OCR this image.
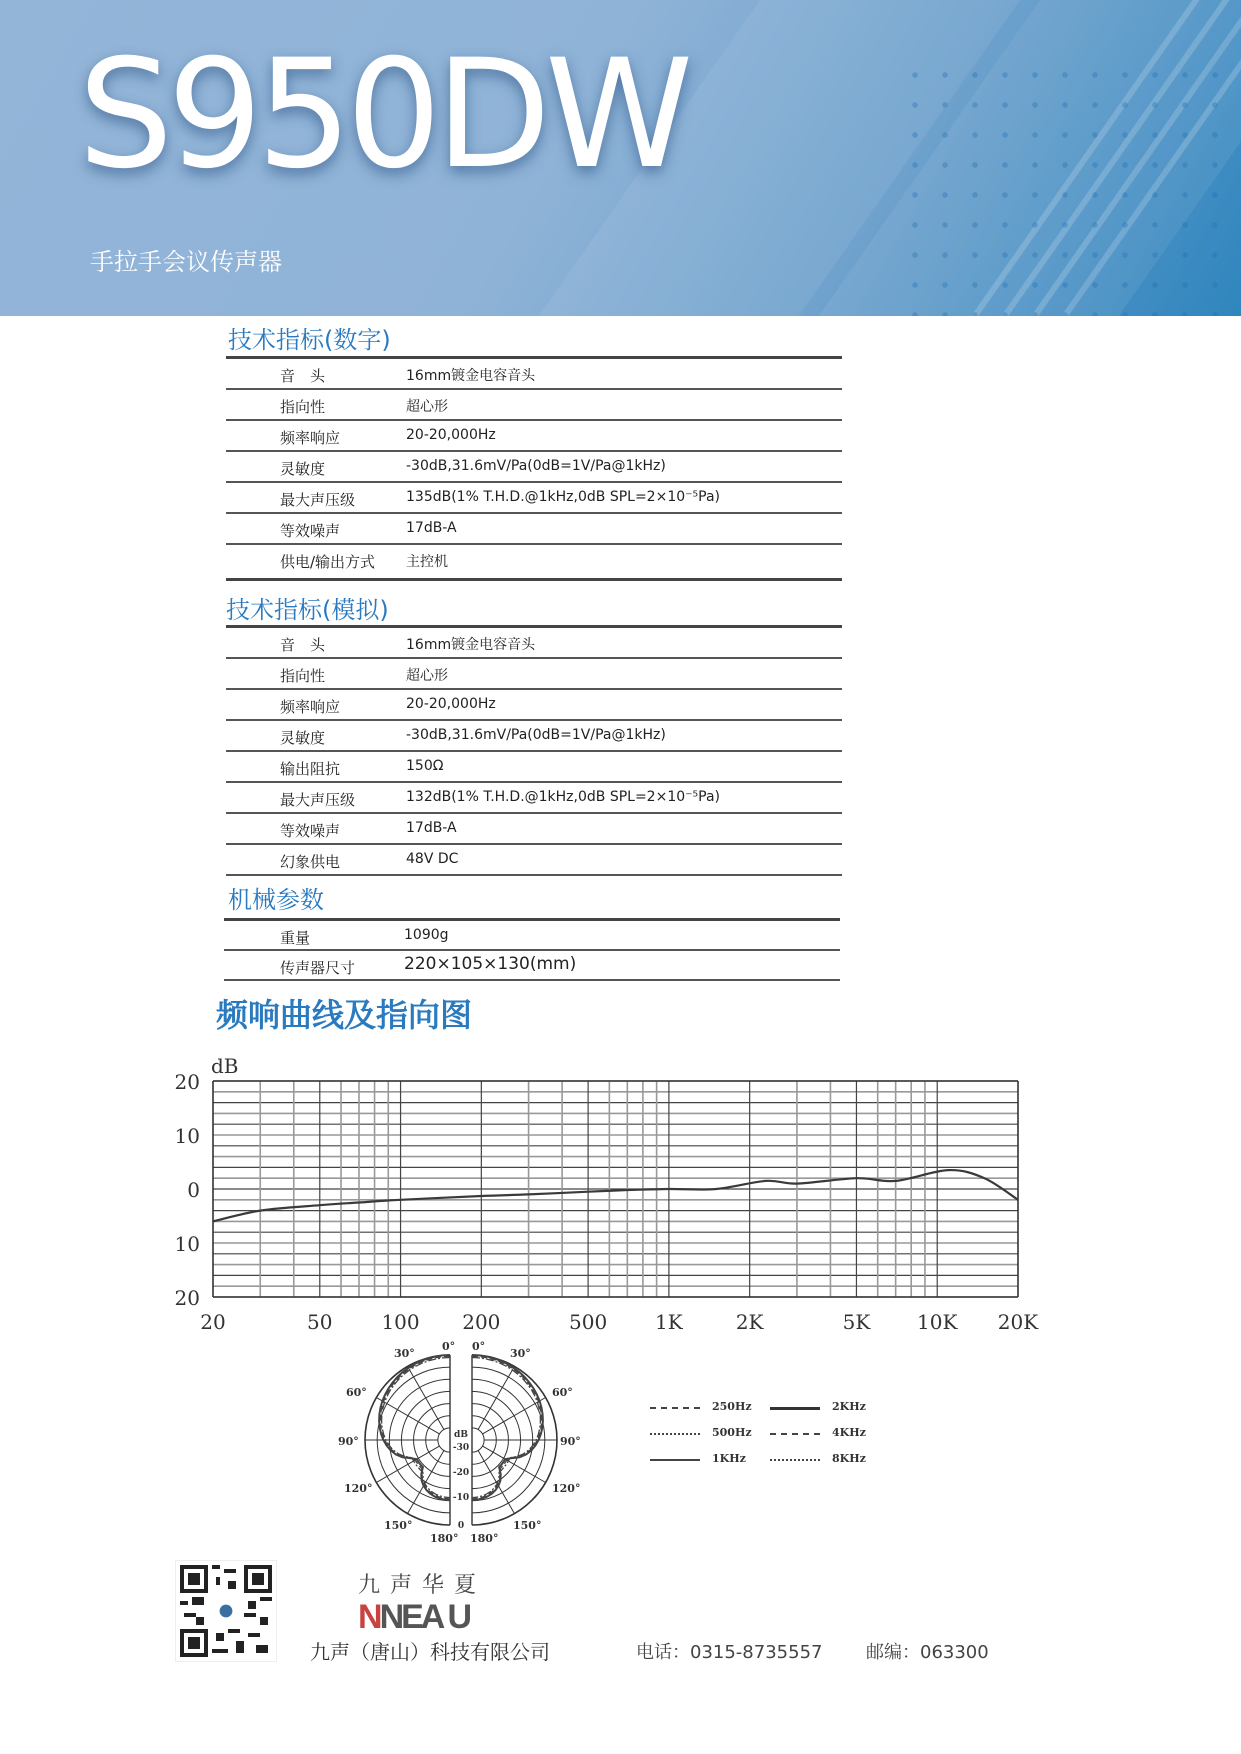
S950DW
手拉手会议传声器
技术指标(数字)
音　头	16mm镀金电容音头
指向性	超心形
频率响应	20-20,000Hz
灵敏度	-30dB,31.6mV/Pa(0dB=1V/Pa@1kHz)
最大声压级	135dB(1% T.H.D.@1kHz,0dB SPL=2×10⁻⁵Pa)
等效噪声	17dB-A
供电/输出方式 主控机
技术指标(模拟)
音　头	16mm镀金电容音头
指向性	超心形
频率响应	20-20,000Hz
灵敏度	-30dB,31.6mV/Pa(0dB=1V/Pa@1kHz)
输出阻抗	150Ω
最大声压级	132dB(1% T.H.D.@1kHz,0dB SPL=2×10⁻⁵Pa)
等效噪声	17dB-A
幻象供电	48V DC
机械参数
重量	1090g
传声器尺寸	220×105×130(mm)
频响曲线及指向图
dB
20
10
0
10
20
20	50 100 200	500 1K	2K	5K 10K 20K
0° 0°
30°	30°
60°	60°
90°	90°
120°	120°
150°	150°
180° 180°
dB
-30
-20
-10
0
250Hz
500Hz
1KHz
2KHz
4KHz
8KHz
九声华夏
NNEA U
九声（唐山）科技有限公司	电话：0315-8735557 邮编：063300
